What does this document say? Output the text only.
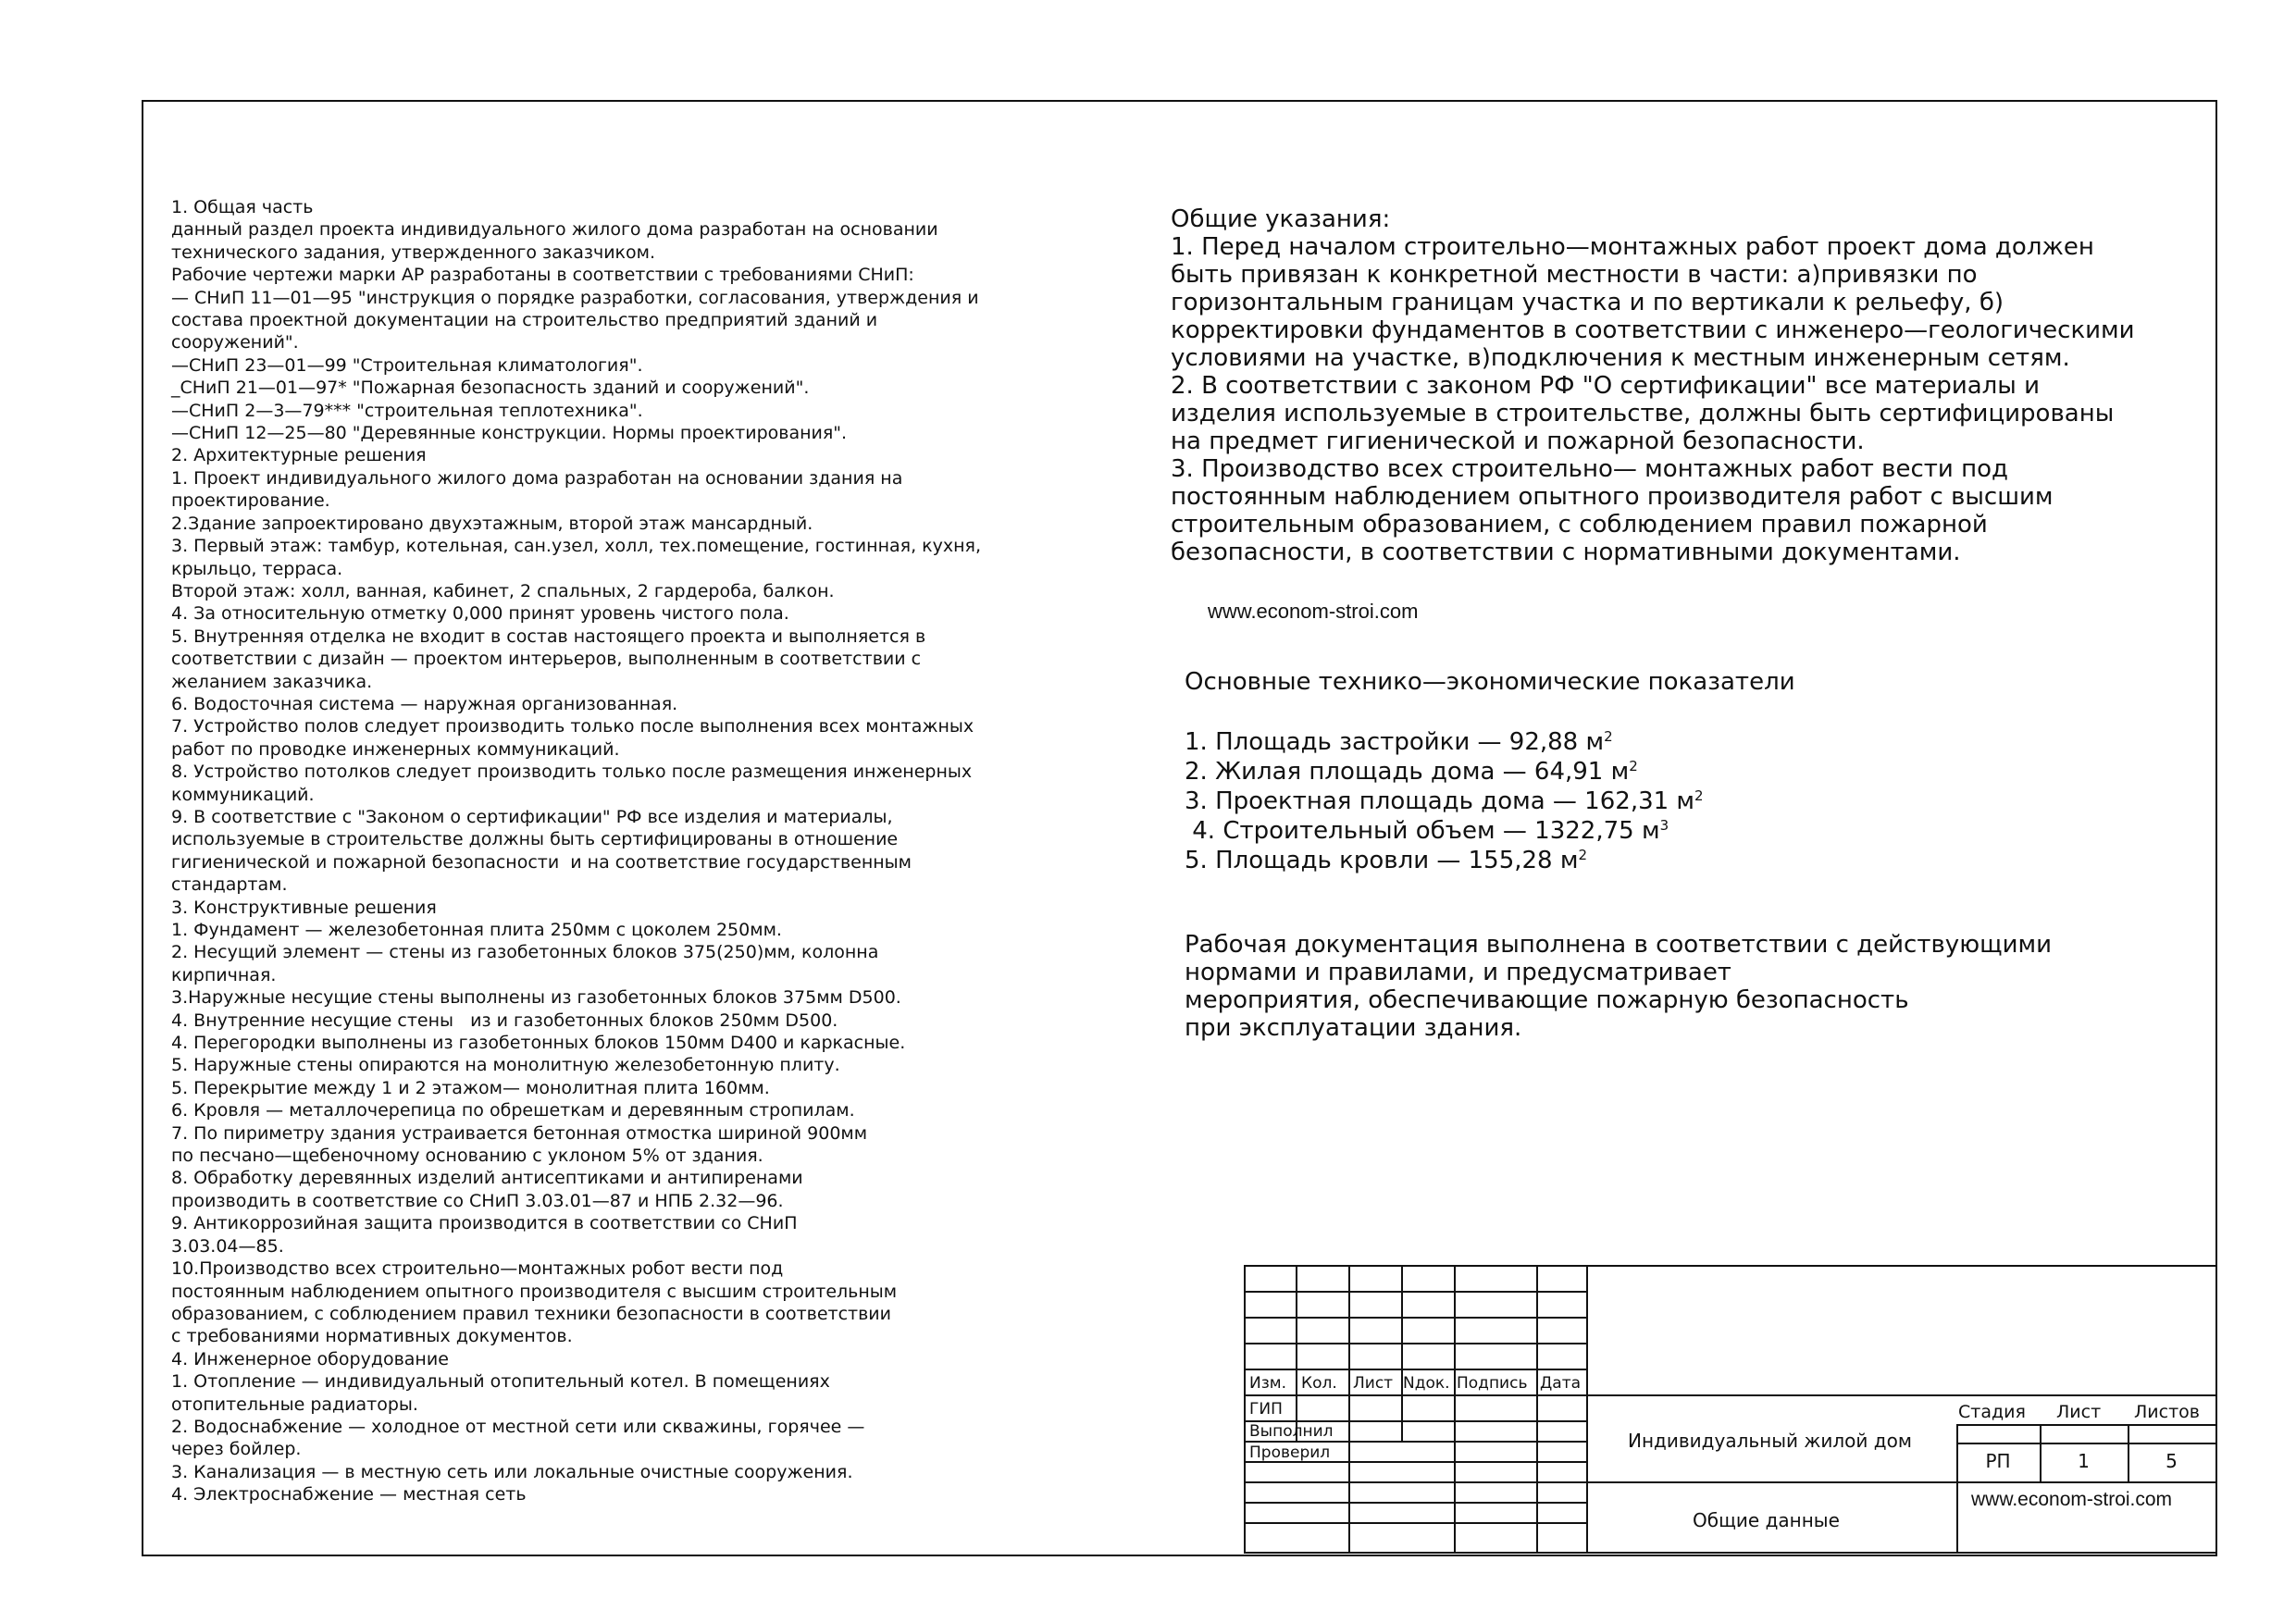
1. Общая часть
данный раздел проекта индивидуального жилого дома разработан на основании
технического задания, утвержденного заказчиком.
Рабочие чертежи марки АР разработаны в соответствии с требованиями СНиП:
— СНиП 11—01—95 "инструкция о порядке разработки, согласования, утверждения и
состава проектной документации на строительство предприятий зданий и
сооружений".
—СНиП 23—01—99 "Строительная климатология".
_СНиП 21—01—97* "Пожарная безопасность зданий и сооружений".
—СНиП 2—3—79*** "строительная теплотехника".
—СНиП 12—25—80 "Деревянные конструкции. Нормы проектирования".
2. Архитектурные решения
1. Проект индивидуального жилого дома разработан на основании здания на
проектирование.
2.Здание запроектировано двухэтажным, второй этаж мансардный.
3. Первый этаж: тамбур, котельная, сан.узел, холл, тех.помещение, гостинная, кухня,
крыльцо, терраса.
Второй этаж: холл, ванная, кабинет, 2 спальных, 2 гардероба, балкон.
4. За относительную отметку 0,000 принят уровень чистого пола.
5. Внутренняя отделка не входит в состав настоящего проекта и выполняется в
соответствии с дизайн — проектом интерьеров, выполненным в соответствии с
желанием заказчика.
6. Водосточная система — наружная организованная.
7. Устройство полов следует производить только после выполнения всех монтажных
работ по проводке инженерных коммуникаций.
8. Устройство потолков следует производить только после размещения инженерных
коммуникаций.
9. В соответствие с "Законом о сертификации" РФ все изделия и материалы,
используемые в строительстве должны быть сертифицированы в отношение
гигиенической и пожарной безопасности  и на соответствие государственным
стандартам.
3. Конструктивные решения
1. Фундамент — железобетонная плита 250мм с цоколем 250мм.
2. Несущий элемент — стены из газобетонных блоков 375(250)мм, колонна
кирпичная.
3.Наружные несущие стены выполнены из газобетонных блоков 375мм D500.
4. Внутренние несущие стены   из и газобетонных блоков 250мм D500.
4. Перегородки выполнены из газобетонных блоков 150мм D400 и каркасные.
5. Наружные стены опираются на монолитную железобетонную плиту.
5. Перекрытие между 1 и 2 этажом— монолитная плита 160мм.
6. Кровля — металлочерепица по обрешеткам и деревянным стропилам.
7. По пириметру здания устраивается бетонная отмостка шириной 900мм
по песчано—щебеночному основанию с уклоном 5% от здания.
8. Обработку деревянных изделий антисептиками и антипиренами
производить в соответствие со СНиП 3.03.01—87 и НПБ 2.32—96.
9. Антикоррозийная защита производится в соответствии со СНиП
3.03.04—85.
10.Производство всех строительно—монтажных робот вести под
постоянным наблюдением опытного производителя с высшим строительным
образованием, с соблюдением правил техники безопасности в соответствии
с требованиями нормативных документов.
4. Инженерное оборудование
1. Отопление — индивидуальный отопительный котел. В помещениях
отопительные радиаторы.
2. Водоснабжение — холодное от местной сети или скважины, горячее —
через бойлер.
3. Канализация — в местную сеть или локальные очистные сооружения.
4. Электроснабжение — местная сеть
Общие указания:
1. Перед началом строительно—монтажных работ проект дома должен
быть привязан к конкретной местности в части: а)привязки по
горизонтальным границам участка и по вертикали к рельефу, б)
корректировки фундаментов в соответствии с инженеро—геологическими
условиями на участке, в)подключения к местным инженерным сетям.
2. В соответствии с законом РФ "О сертификации" все материалы и
изделия используемые в строительстве, должны быть сертифицированы
на предмет гигиенической и пожарной безопасности.
3. Производство всех строительно— монтажных работ вести под
постоянным наблюдением опытного производителя работ с высшим
строительным образованием, с соблюдением правил пожарной
безопасности, в соответствии с нормативными документами.
www.econom-stroi.com
Основные технико—экономические показатели
1. Площадь застройки — 92,88 $м^2$
2. Жилая площадь дома — 64,91 $м^2$
3. Проектная площадь дома — 162,31 $м^2$
4. Строительный объем — 1322,75 $м^3$
5. Площадь кровли — 155,28 $м^2$
Рабочая документация выполнена в соответствии с действующими
нормами и правилами, и предусматривает
мероприятия, обеспечивающие пожарную безопасность
при эксплуатации здания.
Изм. Кол. Лист Nдок. Подпись Дата
ГИП
Выполнил
Проверил
Индивидуальный жилой дом
Общие данные
Стадия Лист Листов
РП	1	5
www.econom-stroi.com
